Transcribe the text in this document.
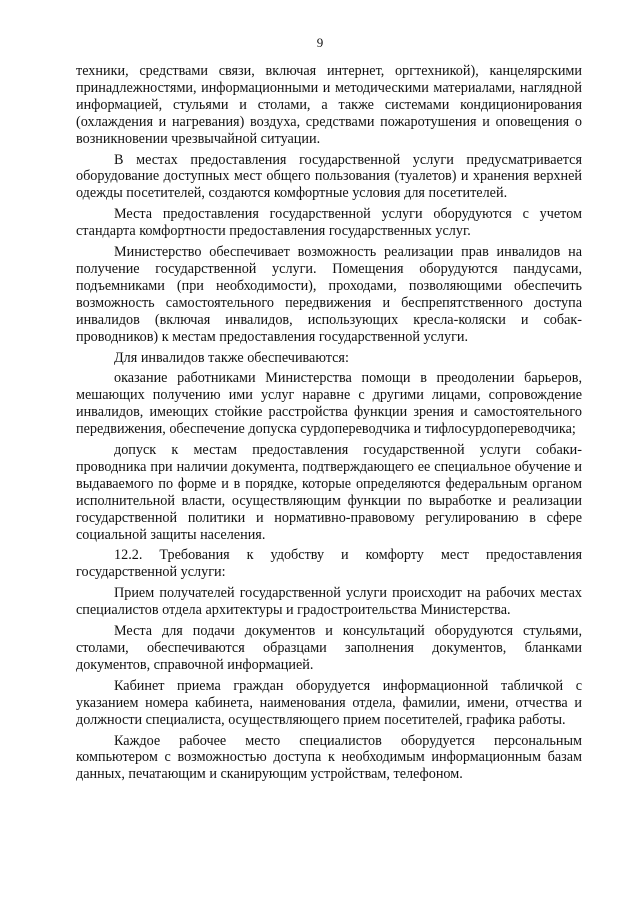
9

техники, средствами связи, включая интернет, оргтехникой), канцелярскими принадлежностями, информационными и методическими материалами, наглядной информацией, стульями и столами, а также системами кондиционирования (охлаждения и нагревания) воздуха, средствами пожаротушения и оповещения о возникновении чрезвычайной ситуации.

В местах предоставления государственной услуги предусматривается оборудование доступных мест общего пользования (туалетов) и хранения верхней одежды посетителей, создаются комфортные условия для посетителей.

Места предоставления государственной услуги оборудуются с учетом стандарта комфортности предоставления государственных услуг.

Министерство обеспечивает возможность реализации прав инвалидов на получение государственной услуги. Помещения оборудуются пандусами, подъемниками (при необходимости), проходами, позволяющими обеспечить возможность самостоятельного передвижения и беспрепятственного доступа инвалидов (включая инвалидов, использующих кресла-коляски и собак-проводников) к местам предоставления государственной услуги.

Для инвалидов также обеспечиваются:

оказание работниками Министерства помощи в преодолении барьеров, мешающих получению ими услуг наравне с другими лицами, сопровождение инвалидов, имеющих стойкие расстройства функции зрения и самостоятельного передвижения, обеспечение допуска сурдопереводчика и тифлосурдопереводчика;

допуск к местам предоставления государственной услуги собаки-проводника при наличии документа, подтверждающего ее специальное обучение и выдаваемого по форме и в порядке, которые определяются федеральным органом исполнительной власти, осуществляющим функции по выработке и реализации государственной политики и нормативно-правовому регулированию в сфере социальной защиты населения.

12.2. Требования к удобству и комфорту мест предоставления государственной услуги:

Прием получателей государственной услуги происходит на рабочих местах специалистов отдела архитектуры и градостроительства Министерства.

Места для подачи документов и консультаций оборудуются стульями, столами, обеспечиваются образцами заполнения документов, бланками документов, справочной информацией.

Кабинет приема граждан оборудуется информационной табличкой с указанием номера кабинета, наименования отдела, фамилии, имени, отчества и должности специалиста, осуществляющего прием посетителей, графика работы.

Каждое рабочее место специалистов оборудуется персональным компьютером с возможностью доступа к необходимым информационным базам данных, печатающим и сканирующим устройствам, телефоном.
